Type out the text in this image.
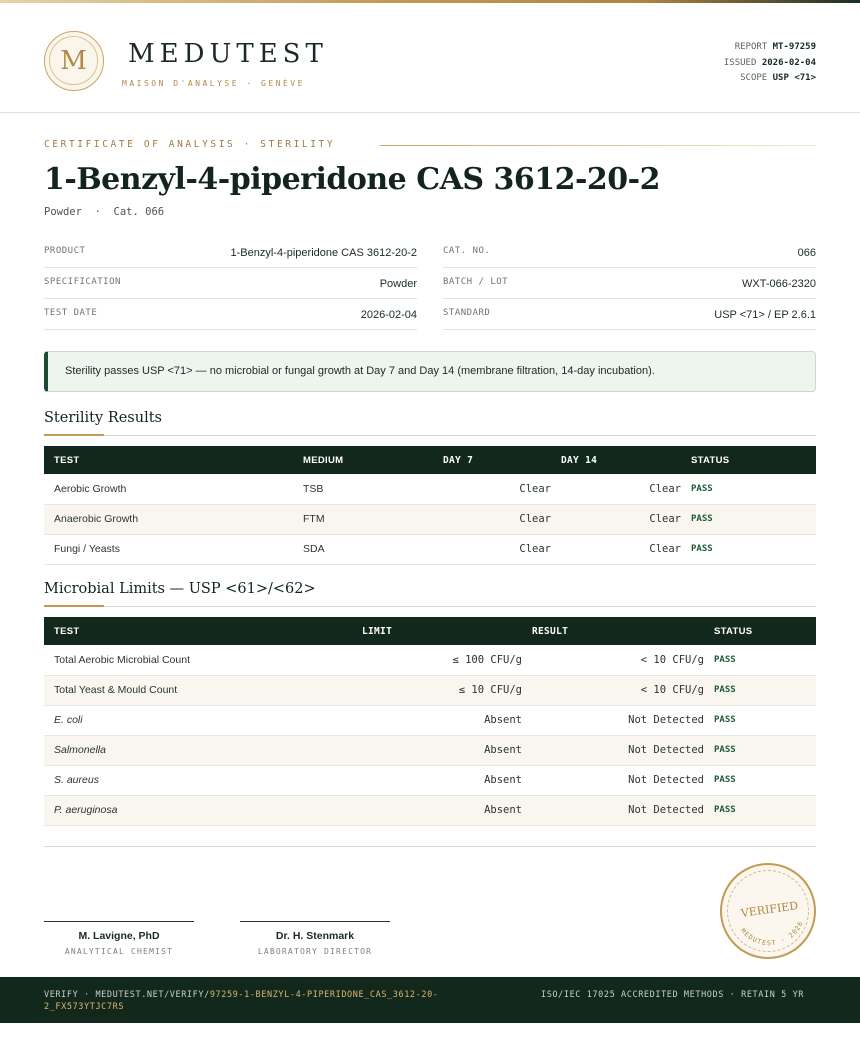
M	MEDUTEST
MAISON D'ANALYSE · GENÈVE
REPORT MT-97259
ISSUED 2026-02-04
SCOPE USP <71>
CERTIFICATE OF ANALYSIS · STERILITY
1-Benzyl-4-piperidone CAS 3612-20-2
Powder  ·  Cat. 066
PRODUCT	1-Benzyl-4-piperidone CAS 3612-20-2
SPECIFICATION	Powder
TEST DATE	2026-02-04
CAT. NO.	066
BATCH / LOT	WXT-066-2320
STANDARD	USP <71> / EP 2.6.1
Sterility passes USP <71> — no microbial or fungal growth at Day 7 and Day 14 (membrane filtration, 14-day incubation).
Sterility Results
TEST	MEDIUM	DAY 7	DAY 14	STATUS
Aerobic Growth	TSB	Clear	Clear	PASS
Anaerobic Growth	FTM	Clear	Clear	PASS
Fungi / Yeasts	SDA	Clear	Clear	PASS
Microbial Limits — USP <61>/<62>
TEST	LIMIT	RESULT	STATUS
Total Aerobic Microbial Count	≤ 100 CFU/g	< 10 CFU/g	PASS
Total Yeast & Mould Count	≤ 10 CFU/g	< 10 CFU/g	PASS
E. coli	Absent	Not Detected	PASS
Salmonella	Absent	Not Detected	PASS
S. aureus	Absent	Not Detected	PASS
P. aeruginosa	Absent	Not Detected	PASS
M. Lavigne, PhD
ANALYTICAL CHEMIST
Dr. H. Stenmark
LABORATORY DIRECTOR
VERIFIED
MEDUTEST · 2026
VERIFY · MEDUTEST.NET/VERIFY/97259-1-BENZYL-4-PIPERIDONE_CAS_3612-20-2_FX573YTJC7RS
ISO/IEC 17025 ACCREDITED METHODS · RETAIN 5 YR
